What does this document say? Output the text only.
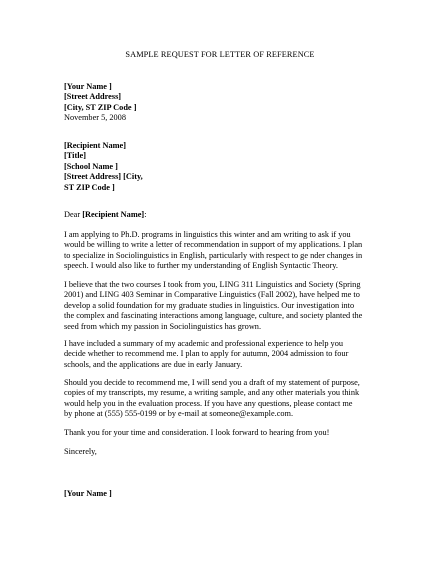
SAMPLE REQUEST FOR LETTER OF REFERENCE
[Your Name ]
[Street Address]
[City, ST ZIP Code ]
November 5, 2008
[Recipient Name]
[Title]
[School Name ]
[Street Address] [City,
ST ZIP Code ]
Dear [Recipient Name]:
I am applying to Ph.D. programs in linguistics this winter and am writing to ask if you
would be willing to write a letter of recommendation in support of my applications. I plan
to specialize in Sociolinguistics in English, particularly with respect to ge nder changes in
speech. I would also like to further my understanding of English Syntactic Theory.
I believe that the two courses I took from you, LING 311 Linguistics and Society (Spring
2001) and LING 403 Seminar in Comparative Linguistics (Fall 2002), have helped me to
develop a solid foundation for my graduate studies in linguistics. Our investigation into
the complex and fascinating interactions among language, culture, and society planted the
seed from which my passion in Sociolinguistics has grown.
I have included a summary of my academic and professional experience to help you
decide whether to recommend me. I plan to apply for autumn, 2004 admission to four
schools, and the applications are due in early January.
Should you decide to recommend me, I will send you a draft of my statement of purpose,
copies of my transcripts, my resume, a writing sample, and any other materials you think
would help you in the evaluation process. If you have any questions, please contact me
by phone at (555) 555-0199 or by e-mail at someone@example.com.
Thank you for your time and consideration. I look forward to hearing from you!
Sincerely,
[Your Name ]
